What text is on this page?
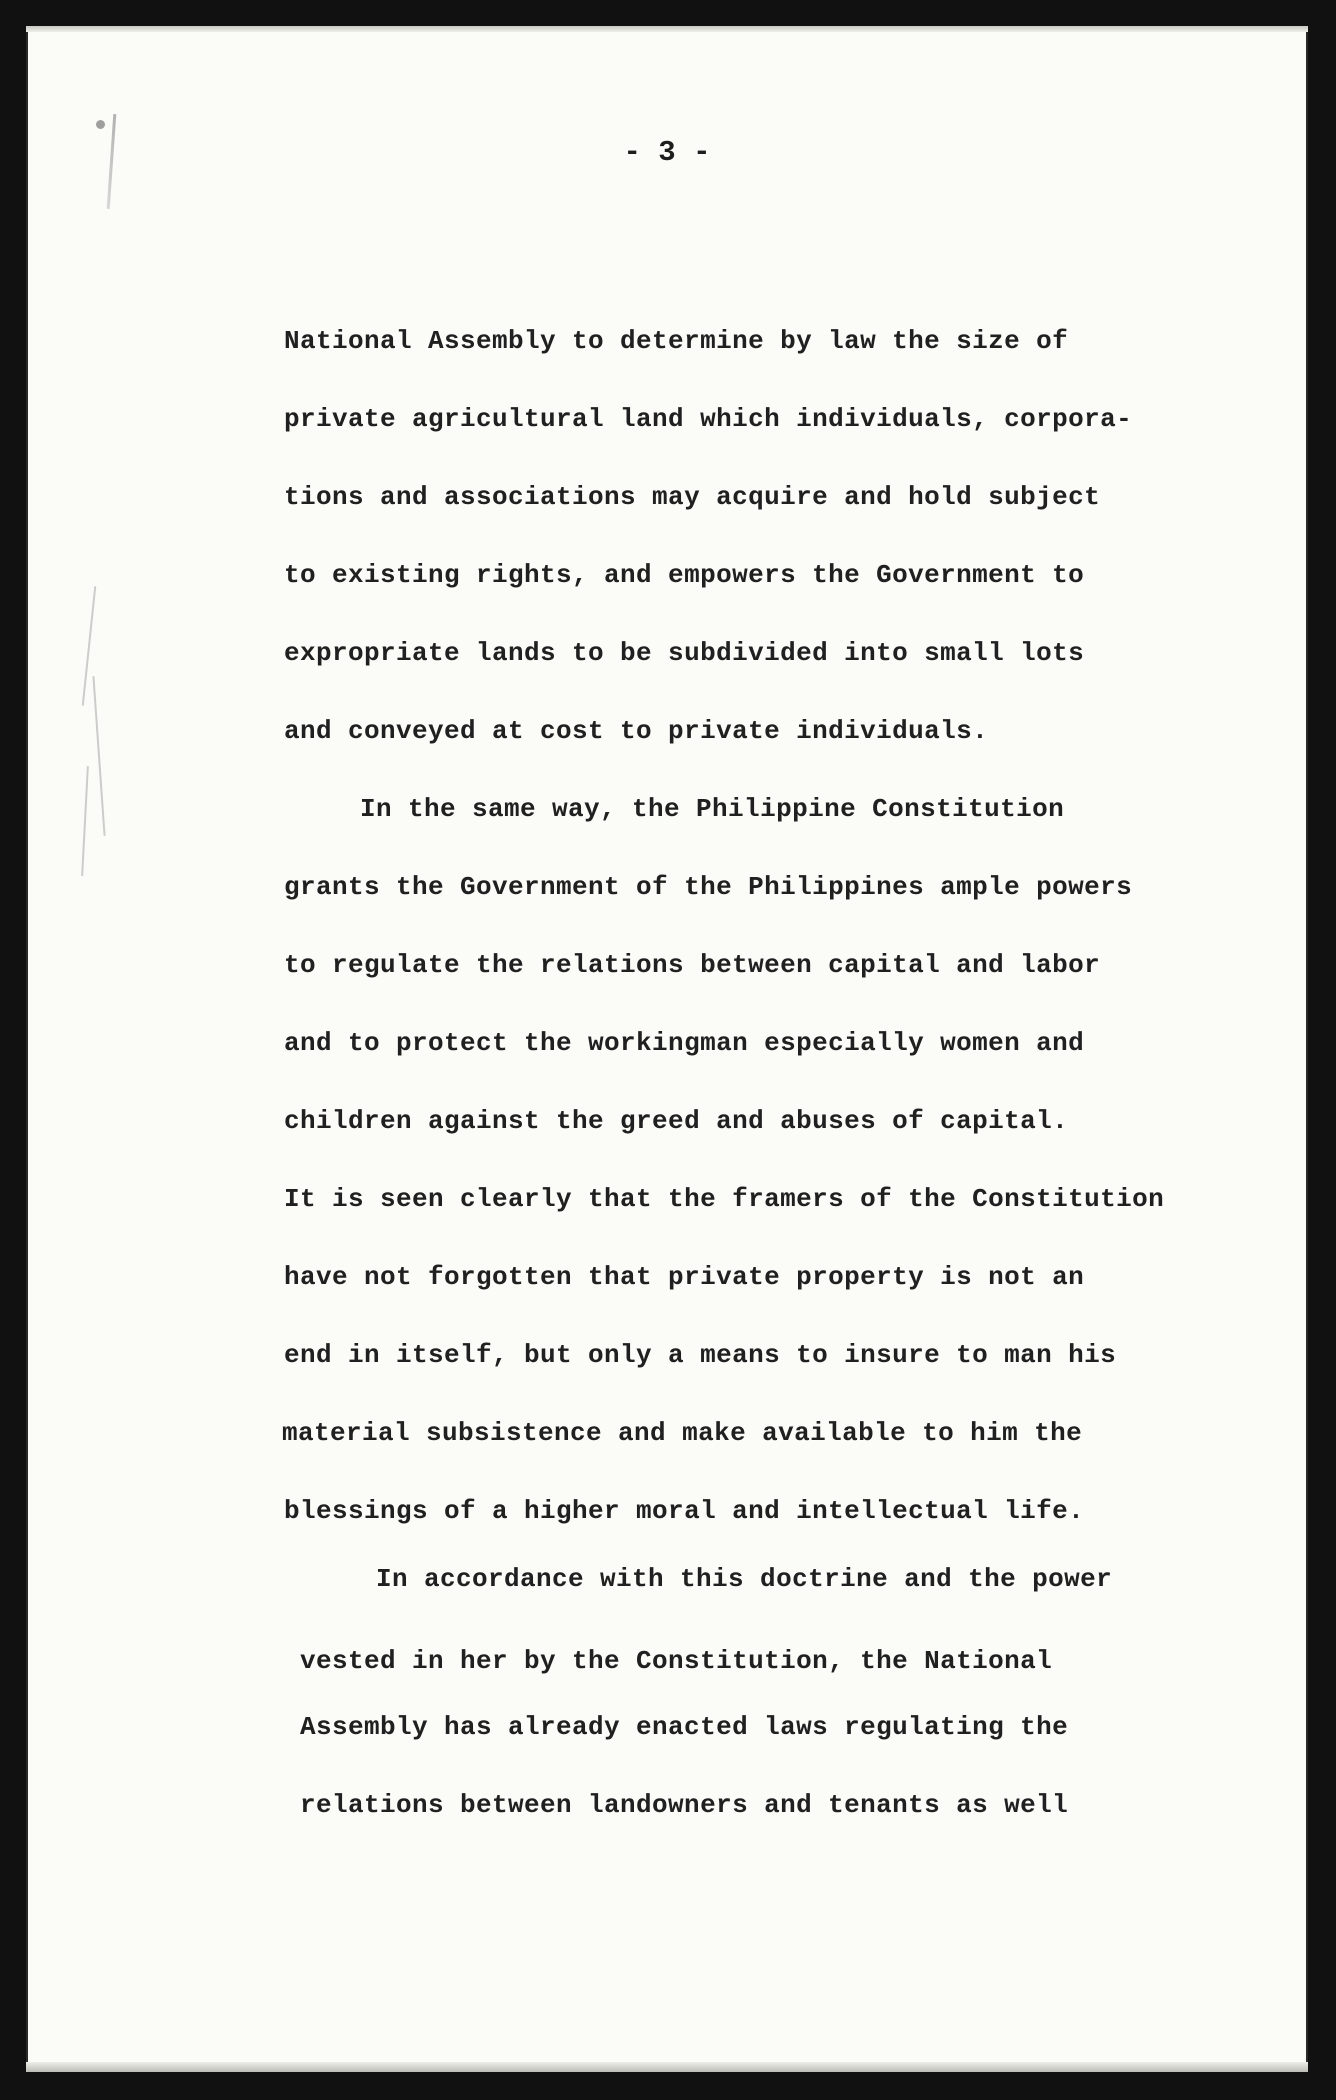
- 3 -
National Assembly to determine by law the size of
private agricultural land which individuals, corpora-
tions and associations may acquire and hold subject
to existing rights, and empowers the Government to
expropriate lands to be subdivided into small lots
and conveyed at cost to private individuals.
In the same way, the Philippine Constitution
grants the Government of the Philippines ample powers
to regulate the relations between capital and labor
and to protect the workingman especially women and
children against the greed and abuses of capital.
It is seen clearly that the framers of the Constitution
have not forgotten that private property is not an
end in itself, but only a means to insure to man his
material subsistence and make available to him the
blessings of a higher moral and intellectual life.
In accordance with this doctrine and the power
vested in her by the Constitution, the National
Assembly has already enacted laws regulating the
relations between landowners and tenants as well
